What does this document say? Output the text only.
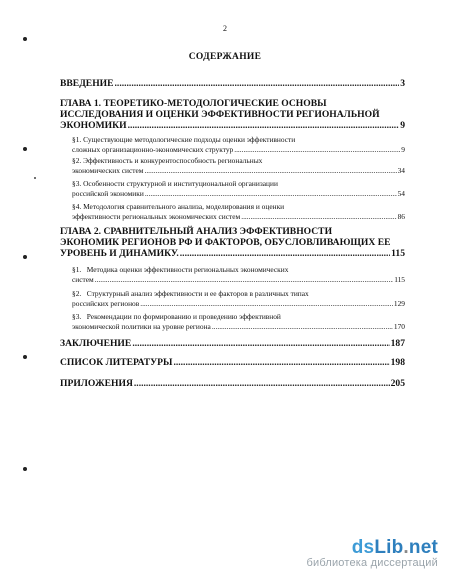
2
СОДЕРЖАНИЕ
ВВЕДЕНИЕ .....	3
ГЛАВА 1. ТЕОРЕТИКО-МЕТОДОЛОГИЧЕСКИЕ ОСНОВЫ
ИССЛЕДОВАНИЯ И ОЦЕНКИ ЭФФЕКТИВНОСТИ РЕГИОНАЛЬНОЙ
ЭКОНОМИКИ .....	9
§1. Существующие методологические подходы оценки эффективности
сложных организационно-экономических структур .....	9
§2. Эффективность и конкурентоспособность региональных
экономических систем .....	34
§3. Особенности структурной и институциональной организации
российской экономики .....	54
§4. Методология сравнительного анализа, моделирования и оценки
эффективности региональных экономических систем .....	86
ГЛАВА 2. СРАВНИТЕЛЬНЫЙ АНАЛИЗ ЭФФЕКТИВНОСТИ
ЭКОНОМИК РЕГИОНОВ РФ И ФАКТОРОВ, ОБУСЛОВЛИВАЮЩИХ ЕЕ
УРОВЕНЬ И ДИНАМИКУ. .....	115
§1.   Методика оценки эффективности региональных экономических
систем .....	115
§2.   Структурный анализ эффективности и ее факторов в различных типах
российских регионов .....	129
§3.   Рекомендации по формированию и проведению эффективной
экономической политики на уровне региона .....	170
ЗАКЛЮЧЕНИЕ .....	187
СПИСОК ЛИТЕРАТУРЫ .....	198
ПРИЛОЖЕНИЯ .....	205
dsLib.net
библиотека диссертаций
